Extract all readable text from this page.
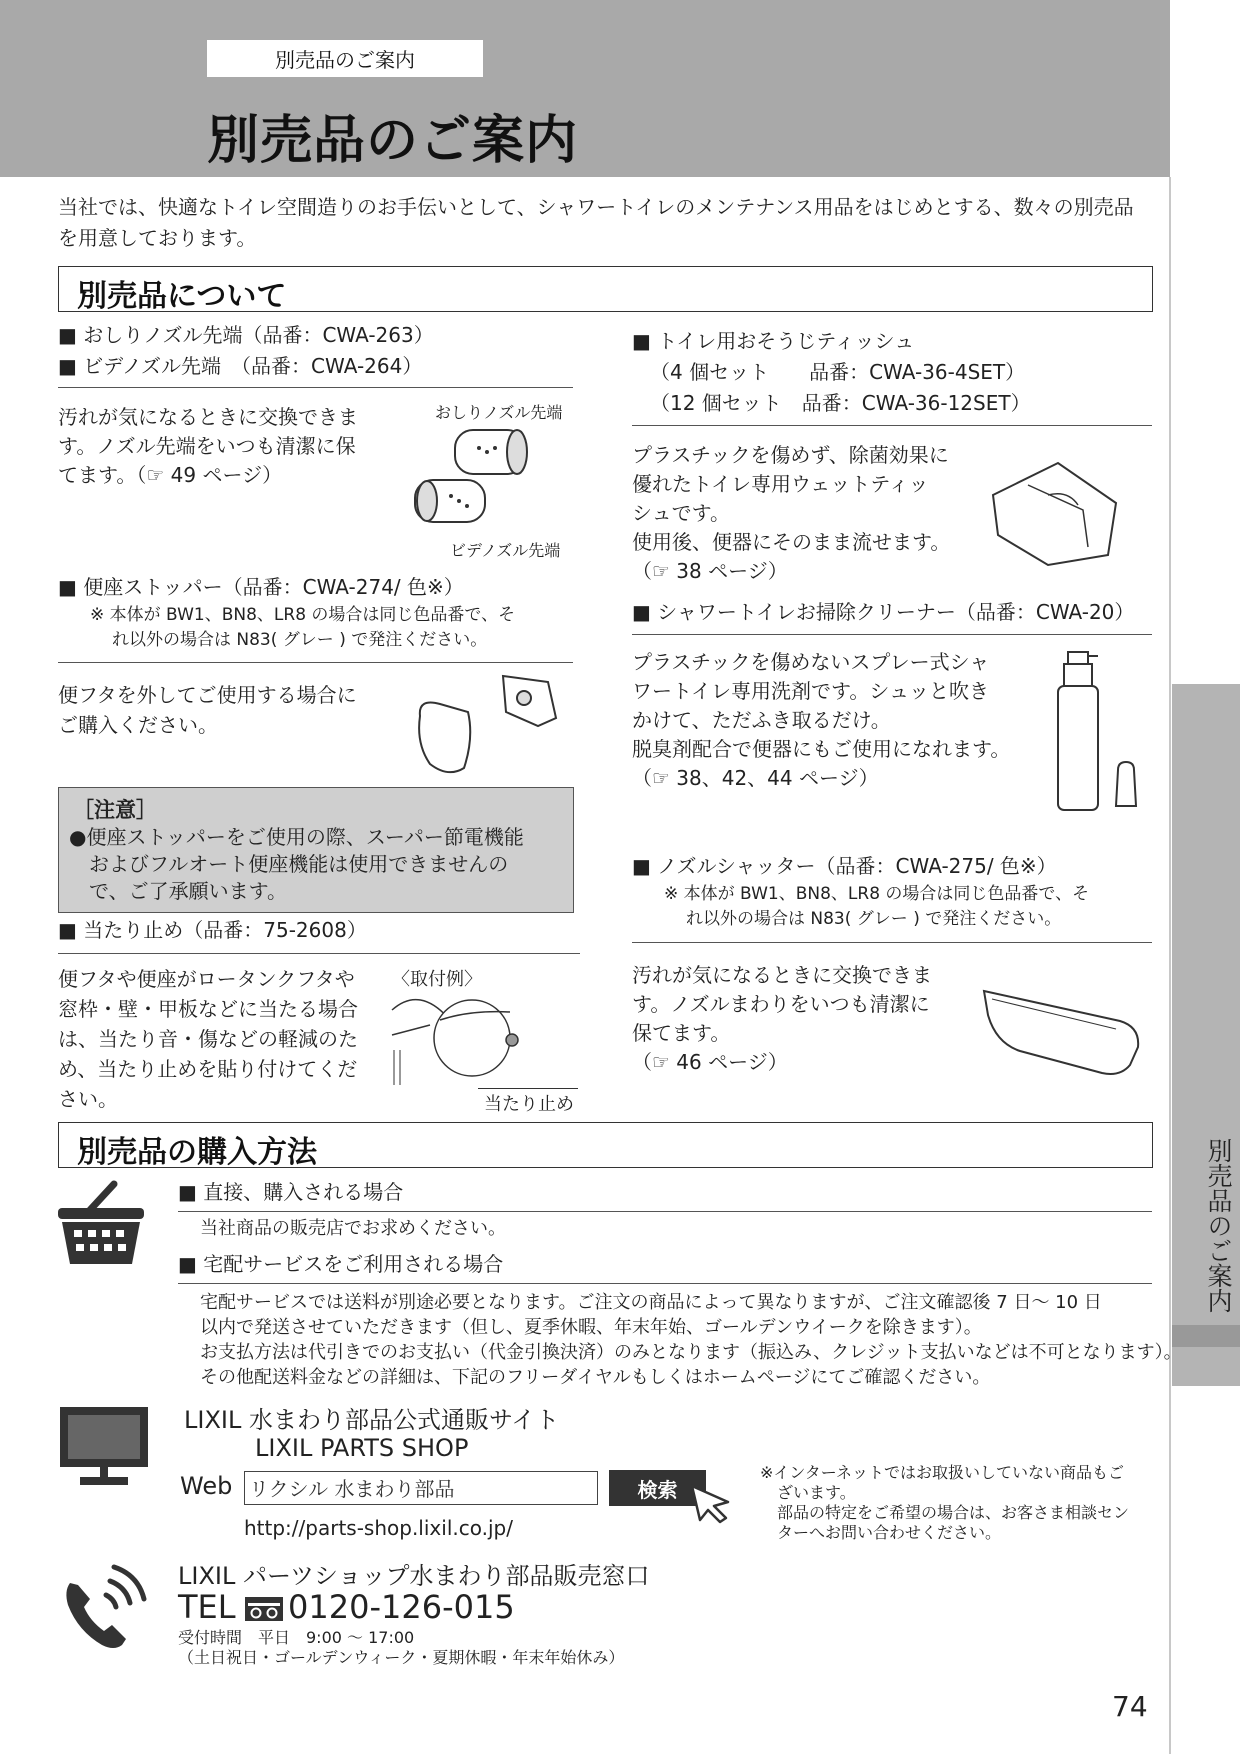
別売品のご案内
別売品のご案内
別売品のご案内
当社では、快適なトイレ空間造りのお手伝いとして、シャワートイレのメンテナンス用品をはじめとする、数々の別売品を用意しております。
別売品について
■ おしりノズル先端（品番：CWA-263）
■ ビデノズル先端　（品番：CWA-264）
汚れが気になるときに交換できま
す。ノズル先端をいつも清潔に保
てます。（☞ 49 ページ）
おしりノズル先端
ビデノズル先端
■ 便座ストッパー（品番：CWA-274/ 色※）
※ 本体が BW1、BN8、LR8 の場合は同じ色品番で、そ
れ以外の場合は N83( グレー ) で発注ください。
便フタを外してご使用する場合に
ご購入ください。
［注意］
●便座ストッパーをご使用の際、スーパー節電機能
　およびフルオート便座機能は使用できませんの
　で、ご了承願います。
■ 当たり止め（品番：75-2608）
便フタや便座がロータンクフタや
窓枠・壁・甲板などに当たる場合
は、当たり音・傷などの軽減のた
め、当たり止めを貼り付けてくだ
さい。
〈取付例〉
当たり止め
■ トイレ用おそうじティッシュ
（4 個セット　　品番：CWA-36-4SET）
（12 個セット　品番：CWA-36-12SET）
プラスチックを傷めず、除菌効果に
優れたトイレ専用ウェットティッ
シュです。
使用後、便器にそのまま流せます。
（☞ 38 ページ）
■ シャワートイレお掃除クリーナー（品番：CWA-20）
プラスチックを傷めないスプレー式シャ
ワートイレ専用洗剤です。シュッと吹き
かけて、ただふき取るだけ。
脱臭剤配合で便器にもご使用になれます。
（☞ 38、42、44 ページ）
■ ノズルシャッター（品番：CWA-275/ 色※）
※ 本体が BW1、BN8、LR8 の場合は同じ色品番で、そ
れ以外の場合は N83( グレー ) で発注ください。
汚れが気になるときに交換できま
す。ノズルまわりをいつも清潔に
保てます。
（☞ 46 ページ）
別売品の購入方法
■ 直接、購入される場合
当社商品の販売店でお求めください。
■ 宅配サービスをご利用される場合
宅配サービスでは送料が別途必要となります。ご注文の商品によって異なりますが、ご注文確認後 7 日～ 10 日
以内で発送させていただきます（但し、夏季休暇、年末年始、ゴールデンウイークを除きます）。
お支払方法は代引きでのお支払い（代金引換決済）のみとなります（振込み、クレジット支払いなどは不可となります）。
その他配送料金などの詳細は、下記のフリーダイヤルもしくはホームページにてご確認ください。
LIXIL 水まわり部品公式通販サイト
LIXIL PARTS SHOP
Web リクシル 水まわり部品	検索
http://parts-shop.lixil.co.jp/
※インターネットではお取扱いしていない商品もご
ざいます。
部品の特定をご希望の場合は、お客さま相談セン
ターへお問い合わせください。
LIXIL パーツショップ水まわり部品販売窓口
TEL 0120-126-015
受付時間　平日　9:00 ～ 17:00
（土日祝日・ゴールデンウィーク・夏期休暇・年末年始休み）
74
